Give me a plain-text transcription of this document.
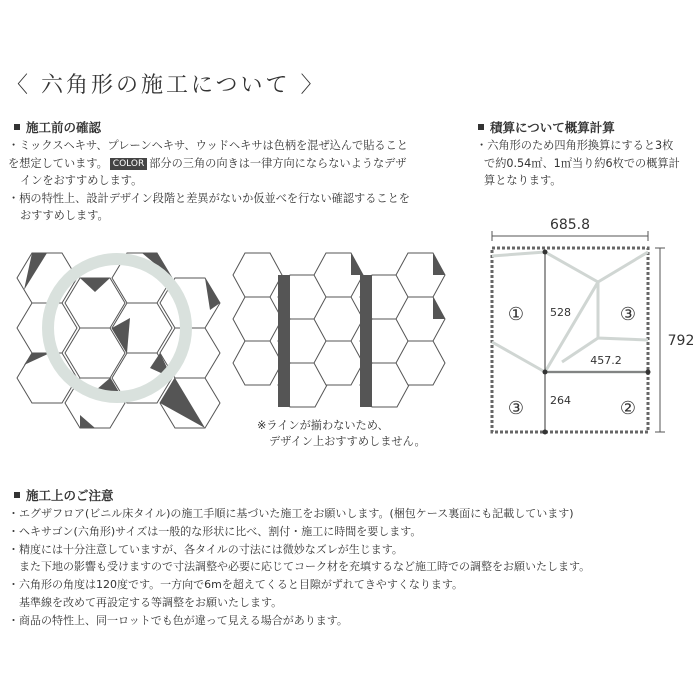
〈 六角形の施工について 〉
施工前の確認
・ミックスヘキサ、プレーンヘキサ、ウッドヘキサは色柄を混ぜ込んで貼ること
を想定しています。 COLOR 部分の三角の向きは一律方向にならないようなデザ
インをおすすめします。
・柄の特性上、設計デザイン段階と差異がないか仮並べを行ない確認することを
おすすめします。
積算について概算計算
・六角形のため四角形換算にすると3枚
で約0.54㎡、1㎡当り約6枚での概算計
算となります。
※ラインが揃わないため、
デザイン上おすすめしません。
685.8
792
528
457.2
264
①	③
③	②
施工上のご注意
・エグザフロア(ビニル床タイル)の施工手順に基づいた施工をお願いします。(梱包ケース裏面にも記載しています)
・ヘキサゴン(六角形)サイズは一般的な形状に比べ、割付・施工に時間を要します。
・精度には十分注意していますが、各タイルの寸法には微妙なズレが生じます。
　また下地の影響も受けますので寸法調整や必要に応じてコーク材を充填するなど施工時での調整をお願いたします。
・六角形の角度は120度です。一方向で6mを超えてくると目隙がずれてきやすくなります。
　基準線を改めて再設定する等調整をお願いたします。
・商品の特性上、同一ロットでも色が違って見える場合があります。
